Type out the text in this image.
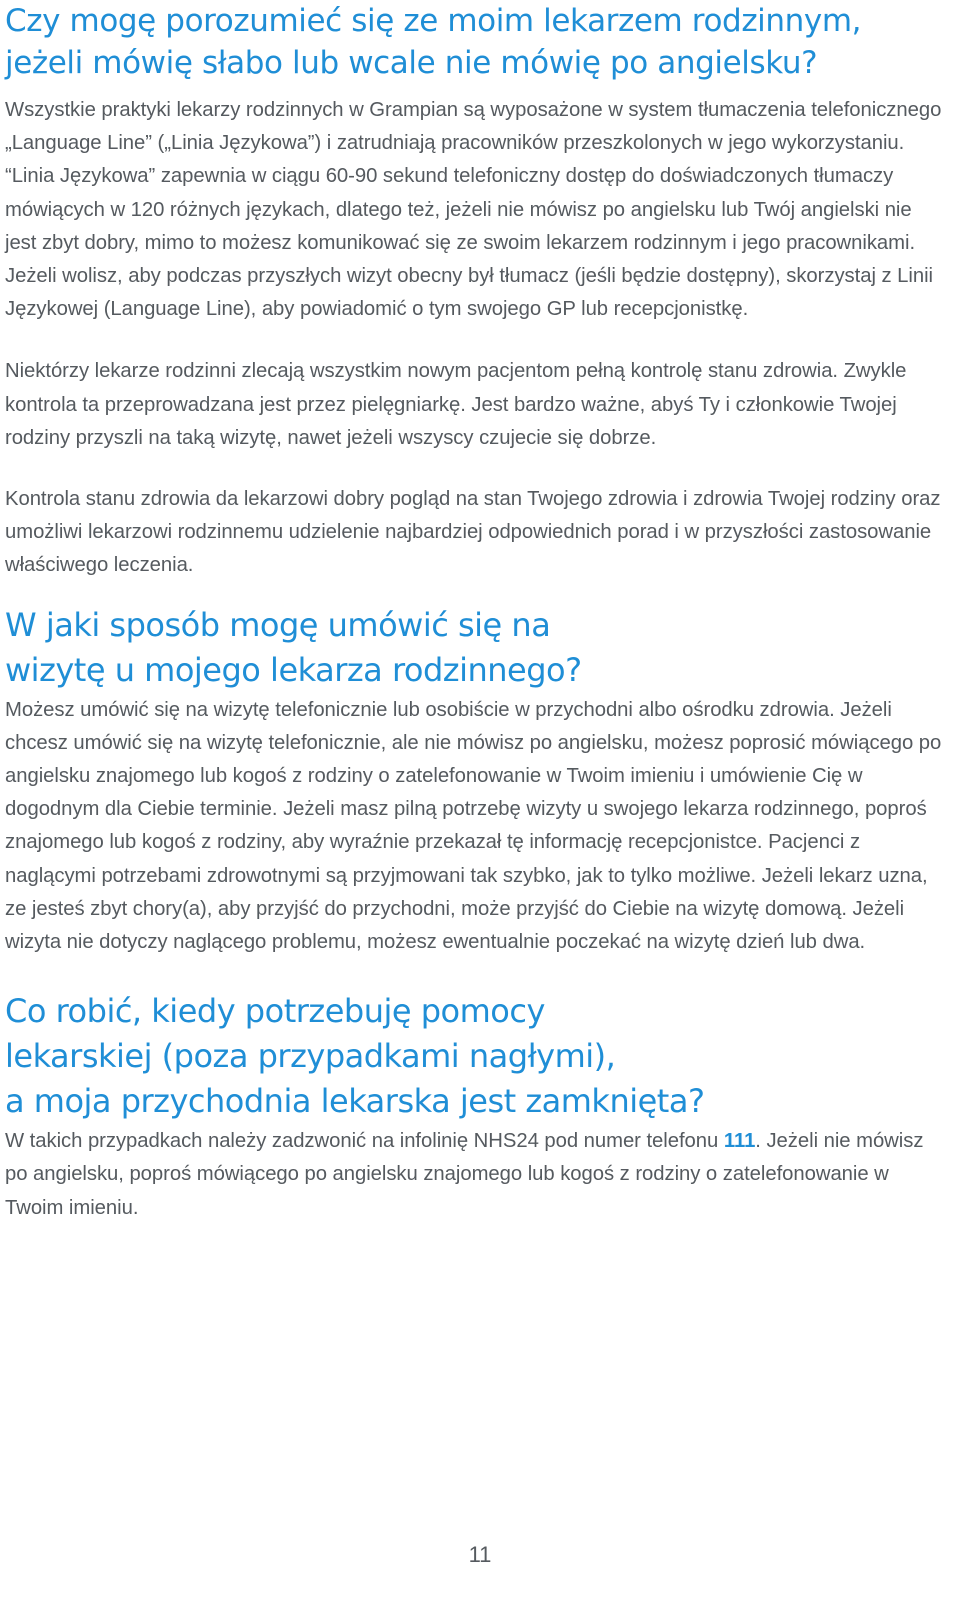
Czy mogę porozumieć się ze moim lekarzem rodzinnym, jeżeli mówię słabo lub wcale nie mówię po angielsku?

Wszystkie praktyki lekarzy rodzinnych w Grampian są wyposażone w system tłumaczenia telefonicznego „Language Line” („Linia Językowa”) i zatrudniają pracowników przeszkolonych w jego wykorzystaniu. “Linia Językowa” zapewnia w ciągu 60-90 sekund telefoniczny dostęp do doświadczonych tłumaczy mówiących w 120 różnych językach, dlatego też, jeżeli nie mówisz po angielsku lub Twój angielski nie jest zbyt dobry, mimo to możesz komunikować się ze swoim lekarzem rodzinnym i jego pracownikami. Jeżeli wolisz, aby podczas przyszłych wizyt obecny był tłumacz (jeśli będzie dostępny), skorzystaj z Linii Językowej (Language Line), aby powiadomić o tym swojego GP lub recepcjonistkę.

Niektórzy lekarze rodzinni zlecają wszystkim nowym pacjentom pełną kontrolę stanu zdrowia. Zwykle kontrola ta przeprowadzana jest przez pielęgniarkę. Jest bardzo ważne, abyś Ty i członkowie Twojej rodziny przyszli na taką wizytę, nawet jeżeli wszyscy czujecie się dobrze.

Kontrola stanu zdrowia da lekarzowi dobry pogląd na stan Twojego zdrowia i zdrowia Twojej rodziny oraz umożliwi lekarzowi rodzinnemu udzielenie najbardziej odpowiednich porad i w przyszłości zastosowanie właściwego leczenia.

W jaki sposób mogę umówić się na
wizytę u mojego lekarza rodzinnego?

Możesz umówić się na wizytę telefonicznie lub osobiście w przychodni albo ośrodku zdrowia. Jeżeli chcesz umówić się na wizytę telefonicznie, ale nie mówisz po angielsku, możesz poprosić mówiącego po angielsku znajomego lub kogoś z rodziny o zatelefonowanie w Twoim imieniu i umówienie Cię w dogodnym dla Ciebie terminie. Jeżeli masz pilną potrzebę wizyty u swojego lekarza rodzinnego, poproś znajomego lub kogoś z rodziny, aby wyraźnie przekazał tę informację recepcjonistce. Pacjenci z naglącymi potrzebami zdrowotnymi są przyjmowani tak szybko, jak to tylko możliwe. Jeżeli lekarz uzna, ze jesteś zbyt chory(a), aby przyjść do przychodni, może przyjść do Ciebie na wizytę domową. Jeżeli wizyta nie dotyczy naglącego problemu, możesz ewentualnie poczekać na wizytę dzień lub dwa.

Co robić, kiedy potrzebuję pomocy
lekarskiej (poza przypadkami nagłymi),
a moja przychodnia lekarska jest zamknięta?

W takich przypadkach należy zadzwonić na infolinię NHS24 pod numer telefonu 111. Jeżeli nie mówisz po angielsku, poproś mówiącego po angielsku znajomego lub kogoś z rodziny o zatelefonowanie w Twoim imieniu.

11
